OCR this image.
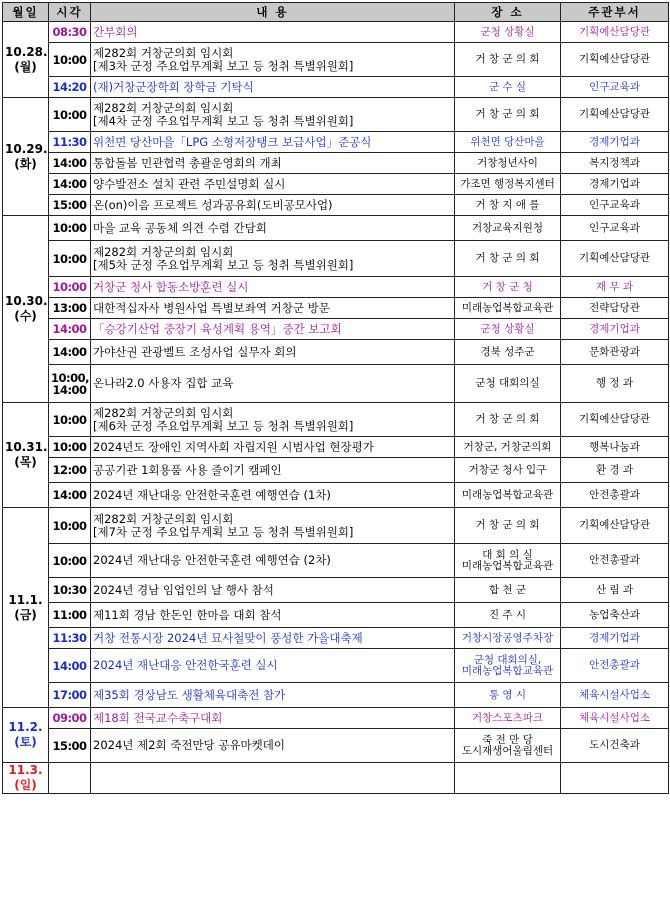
월일	시각	내 용	장 소	주관부서
10.28.
(월)	08:30	간부회의	군청 상황실	기획예산담당관
	10:00	제282회 거창군의회 임시회
[제3차 군정 주요업무계획 보고 등 청취 특별위원회]	거 창 군 의 회	기획예산담당관
	14:20	(재)거창군장학회 장학금 기탁식	군 수 실	인구교육과
10.29.
(화)	10:00	제282회 거창군의회 임시회
[제4차 군정 주요업무계획 보고 등 청취 특별위원회]	거 창 군 의 회	기획예산담당관
	11:30	위천면 당산마을「LPG 소형저장탱크 보급사업」준공식	위천면 당산마을	경제기업과
	14:00	통합돌봄 민관협력 총괄운영회의 개최	거창청년사이	복지정책과
	14:00	양수발전소 설치 관련 주민설명회 실시	가조면 행정복지센터	경제기업과
	15:00	온(on)이음 프로젝트 성과공유회(도비공모사업)	거 창 지 애 를	인구교육과
10.30.
(수)	10:00	마을 교육 공동체 의견 수렴 간담회	거창교육지원청	인구교육과
	10:00	제282회 거창군의회 임시회
[제5차 군정 주요업무계획 보고 등 청취 특별위원회]	거 창 군 의 회	기획예산담당관
	10:00	거창군 청사 합동소방훈련 실시	거 창 군 청	재 무 과
	13:00	대한적십자사 병원사업 특별보좌역 거창군 방문	미래농업복합교육관	전략담당관
	14:00	「승강기산업 중장기 육성계획 용역」중간 보고회	군청 상황실	경제기업과
	14:00	가야산권 관광벨트 조성사업 실무자 회의	경북 성주군	문화관광과
	10:00,
14:00	온나라2.0 사용자 집합 교육	군청 대회의실	행 정 과
10.31.
(목)	10:00	제282회 거창군의회 임시회
[제6차 군정 주요업무계획 보고 등 청취 특별위원회]	거 창 군 의 회	기획예산담당관
	10:00	2024년도 장애인 지역사회 자립지원 시범사업 현장평가	거창군, 거창군의회	행복나눔과
	12:00	공공기관 1회용품 사용 줄이기 캠페인	거창군 청사 입구	환 경 과
	14:00	2024년 재난대응 안전한국훈련 예행연습 (1차)	미래농업복합교육관	안전총괄과
11.1.
(금)	10:00	제282회 거창군의회 임시회
[제7차 군정 주요업무계획 보고 등 청취 특별위원회]	거 창 군 의 회	기획예산담당관
	10:00	2024년 재난대응 안전한국훈련 예행연습 (2차)	대 회 의 실
미래농업복합교육관	안전총괄과
	10:30	2024년 경남 임업인의 날 행사 참석	합 천 군	산 림 과
	11:00	제11회 경남 한돈인 한마음 대회 참석	진 주 시	농업축산과
	11:30	거창 전통시장 2024년 묘사철맞이 풍성한 가을대축제	거창시장공영주차장	경제기업과
	14:00	2024년 재난대응 안전한국훈련 실시	군청 대회의실,
미래농업복합교육관	안전총괄과
	17:00	제35회 경상남도 생활체육대축전 참가	통 영 시	체육시설사업소
11.2.
(토)	09:00	제18회 전국교수축구대회	거창스포츠파크	체육시설사업소
	15:00	2024년 제2회 죽전만당 공유마켓데이	죽 전 만 당
도시재생어울림센터	도시건축과
11.3.
(일)				
